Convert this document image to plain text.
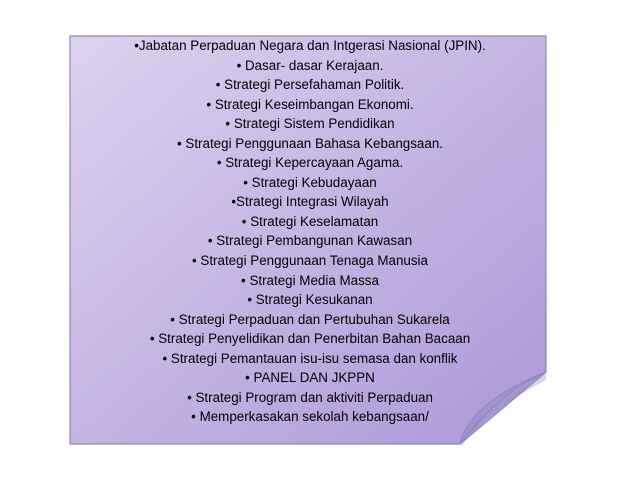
•Jabatan Perpaduan Negara dan Intgerasi Nasional (JPIN).
• Dasar- dasar Kerajaan.
• Strategi Persefahaman Politik.
• Strategi Keseimbangan Ekonomi.
• Strategi Sistem Pendidikan
• Strategi Penggunaan Bahasa Kebangsaan.
• Strategi Kepercayaan Agama.
• Strategi Kebudayaan
•Strategi Integrasi Wilayah
• Strategi Keselamatan
• Strategi Pembangunan Kawasan
• Strategi Penggunaan Tenaga Manusia
• Strategi Media Massa
• Strategi Kesukanan
• Strategi Perpaduan dan Pertubuhan Sukarela
• Strategi Penyelidikan dan Penerbitan Bahan Bacaan
• Strategi Pemantauan isu-isu semasa dan konflik
• PANEL DAN JKPPN
• Strategi Program dan aktiviti Perpaduan
• Memperkasakan sekolah kebangsaan/
